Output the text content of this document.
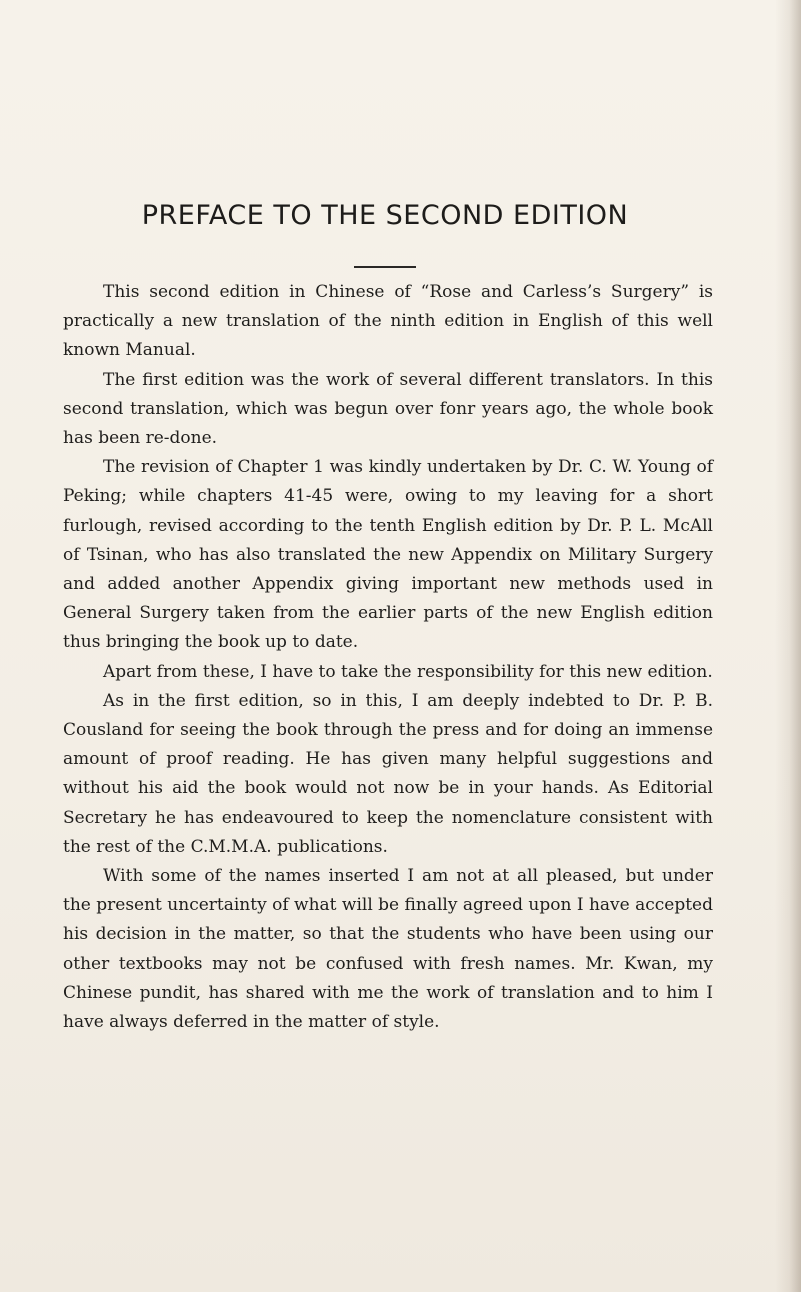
PREFACE TO THE SECOND EDITION

This second edition in Chinese of “Rose and Carless’s Surgery” is practically a new translation of the ninth edition in English of this well known Manual.

The first edition was the work of several different translators. In this second translation, which was begun over fonr years ago, the whole book has been re-done.

The revision of Chapter 1 was kindly undertaken by Dr. C. W. Young of Peking; while chapters 41-45 were, owing to my leaving for a short furlough, revised according to the tenth English edition by Dr. P. L. McAll of Tsinan, who has also translated the new Appendix on Military Surgery and added another Appendix giving important new methods used in General Surgery taken from the earlier parts of the new English edition thus bringing the book up to date.

Apart from these, I have to take the responsibility for this new edition.

As in the first edition, so in this, I am deeply indebted to Dr. P. B. Cousland for seeing the book through the press and for doing an immense amount of proof reading. He has given many helpful suggestions and without his aid the book would not now be in your hands. As Editorial Secretary he has endeavoured to keep the nomenclature consistent with the rest of the C.M.M.A. publications.

With some of the names inserted I am not at all pleased, but under the present uncertainty of what will be finally agreed upon I have accepted his decision in the matter, so that the students who have been using our other textbooks may not be confused with fresh names. Mr. Kwan, my Chinese pundit, has shared with me the work of translation and to him I have always deferred in the matter of style.
